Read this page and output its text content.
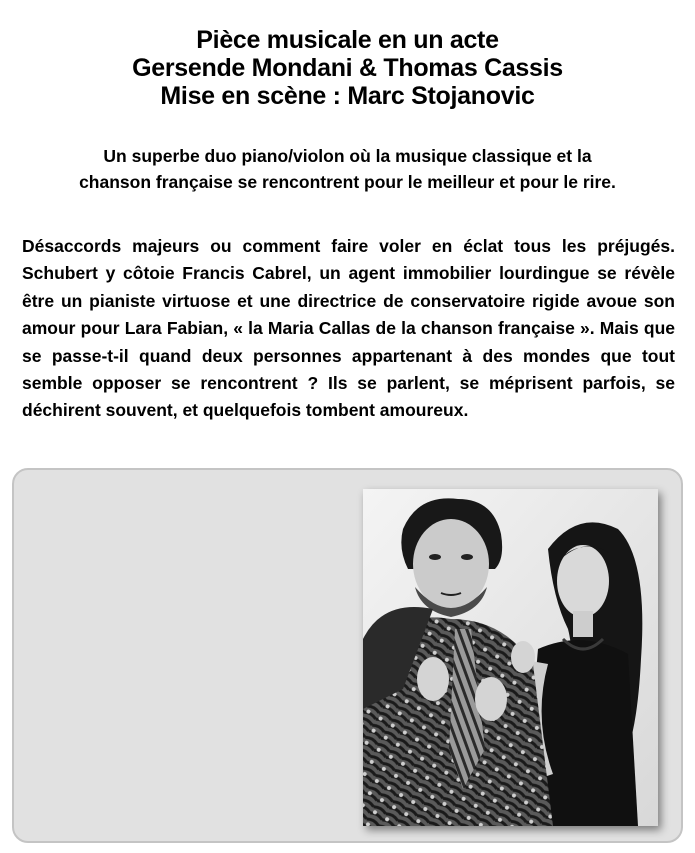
Pièce musicale en un acte
Gersende Mondani & Thomas Cassis
Mise en scène : Marc Stojanovic
Un superbe duo piano/violon où la musique classique et la
chanson française se rencontrent pour le meilleur et pour le rire.
Désaccords majeurs ou comment faire voler en éclat tous les préjugés. Schubert y côtoie Francis Cabrel, un agent immobilier lourdingue se révèle être un pianiste virtuose et une directrice de conservatoire rigide avoue son amour pour Lara Fabian, « la Maria Callas de la chanson française ». Mais que se passe-t-il quand deux personnes appartenant à des mondes que tout semble opposer se rencontrent ? Ils se parlent, se méprisent parfois, se déchirent souvent, et quelquefois tombent amoureux.
